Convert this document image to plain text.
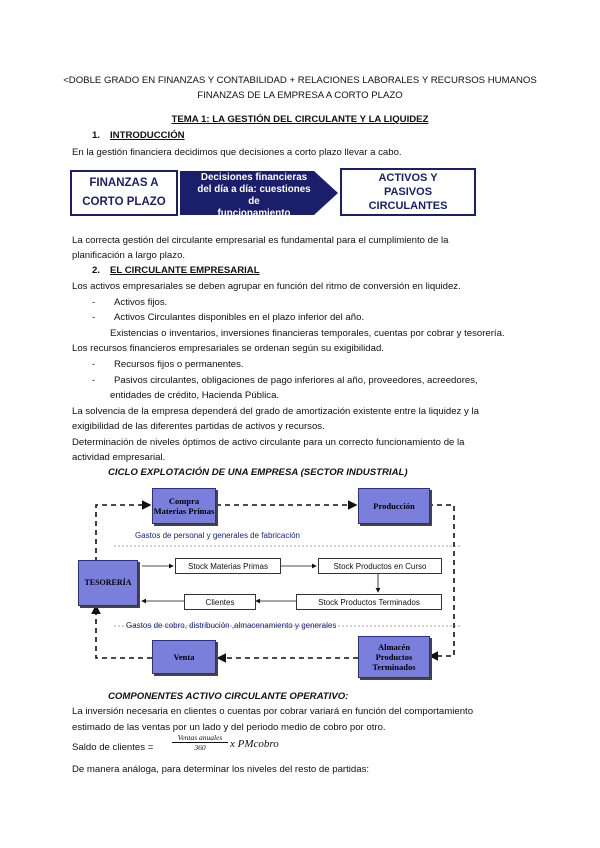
<DOBLE GRADO EN FINANZAS Y CONTABILIDAD + RELACIONES LABORALES Y RECURSOS HUMANOS
FINANZAS DE LA EMPRESA A CORTO PLAZO
TEMA 1: LA GESTIÓN DEL CIRCULANTE Y LA LIQUIDEZ
1. INTRODUCCIÓN
En la gestión financiera decidimos que decisiones a corto plazo llevar a cabo.
FINANZAS A
CORTO PLAZO
Decisiones financieras
del día a día: cuestiones de
funcionamiento
ACTIVOS Y
PASIVOS
CIRCULANTES
La correcta gestión del circulante empresarial es fundamental para el cumplimiento de la
planificación a largo plazo.
2. EL CIRCULANTE EMPRESARIAL
Los activos empresariales se deben agrupar en función del ritmo de conversión en liquidez.
- Activos fijos.
- Activos Circulantes disponibles en el plazo inferior del año.
Existencias o inventarios, inversiones financieras temporales, cuentas por cobrar y tesorería.
Los recursos financieros empresariales se ordenan según su exigibilidad.
- Recursos fijos o permanentes.
- Pasivos circulantes, obligaciones de pago inferiores al año, proveedores, acreedores,
entidades de crédito, Hacienda Pública.
La solvencia de la empresa dependerá del grado de amortización existente entre la liquidez y la
exigibilidad de las diferentes partidas de activos y recursos.
Determinación de niveles óptimos de activo circulante para un correcto funcionamiento de la
actividad empresarial.
CICLO EXPLOTACIÓN DE UNA EMPRESA (SECTOR INDUSTRIAL)
Compra
Materias Primas	Producción
TESORERÍA
Venta
Almacén
Productos
Terminados
Gastos de personal y generales de fabricación
Stock Materias Primas	Stock Productos en Curso
Clientes	Stock Productos Terminados
Gastos de cobro, distribución ,almacenamiento y generales
COMPONENTES ACTIVO CIRCULANTE OPERATIVO:
La inversión necesaria en clientes o cuentas por cobrar variará en función del comportamiento
estimado de las ventas por un lado y del periodo medio de cobro por otro.
Saldo de clientes =
Ventas anuales
360	x PMcobro
De manera análoga, para determinar los niveles del resto de partidas:
